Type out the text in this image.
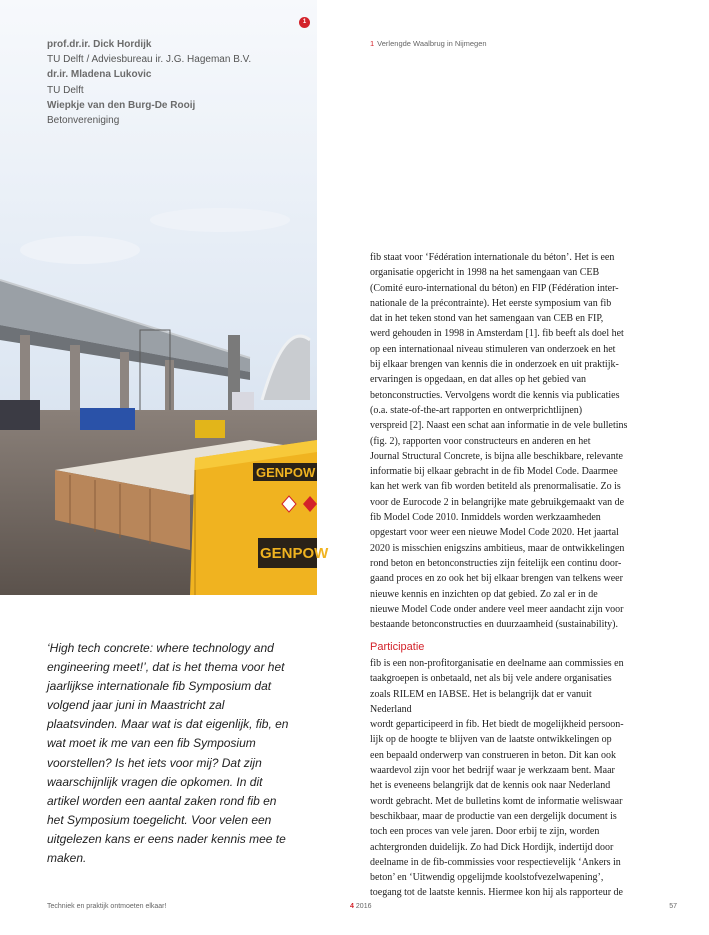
GENPOW
GENPOW
prof.dr.ir. Dick Hordijk
TU Delft / Adviesbureau ir. J.G. Hageman B.V.
dr.ir. Mladena Lukovic
TU Delft
Wiepkje van den Burg-De Rooij
Betonvereniging
1
1 Verlengde Waalbrug in Nijmegen

fib staat voor ‘Fédération internationale du béton’. Het is een

organisatie opgericht in 1998 na het samengaan van CEB

(Comité euro-international du béton) en FIP (Fédération inter-

nationale de la précontrainte). Het eerste symposium van fib

dat in het teken stond van het samengaan van CEB en FIP,

werd gehouden in 1998 in Amsterdam [1]. fib beeft als doel het

op een internationaal niveau stimuleren van onderzoek en het

bij elkaar brengen van kennis die in onderzoek en uit praktijk-

ervaringen is opgedaan, en dat alles op het gebied van

betonconstructies. Vervolgens wordt die kennis via publicaties

(o.a. state-of-the-art rapporten en ontwerprichtlijnen)

verspreid [2]. Naast een schat aan informatie in de vele bulletins

(fig. 2), rapporten voor constructeurs en anderen en het

Journal Structural Concrete, is bijna alle beschikbare, relevante

informatie bij elkaar gebracht in de fib Model Code. Daarmee

kan het werk van fib worden betiteld als prenormalisatie. Zo is

voor de Eurocode 2 in belangrijke mate gebruikgemaakt van de

fib Model Code 2010. Inmiddels worden werkzaamheden

opgestart voor weer een nieuwe Model Code 2020. Het jaartal

2020 is misschien enigszins ambitieus, maar de ontwikkelingen

rond beton en betonconstructies zijn feitelijk een continu door-

gaand proces en zo ook het bij elkaar brengen van telkens weer

nieuwe kennis en inzichten op dat gebied. Zo zal er in de

nieuwe Model Code onder andere veel meer aandacht zijn voor

bestaande betonconstructies en duurzaamheid (sustainability).

‘High tech concrete: where technology and engineering meet!’, dat is het thema voor het jaarlijkse internationale fib Symposium dat volgend jaar juni in Maastricht zal plaatsvinden. Maar wat is dat eigenlijk, fib, en wat moet ik me van een fib Symposium voorstellen? Is het iets voor mij? Dat zijn waarschijnlijk vragen die opkomen. In dit artikel worden een aantal zaken rond fib en het Symposium toegelicht. Voor velen een uitgelezen kans er eens nader kennis mee te maken.
Participatie

fib is een non-profitorganisatie en deelname aan commissies en

taakgroepen is onbetaald, net als bij vele andere organisaties

zoals RILEM en IABSE. Het is belangrijk dat er vanuit Nederland

wordt geparticipeerd in fib. Het biedt de mogelijkheid persoon-

lijk op de hoogte te blijven van de laatste ontwikkelingen op

een bepaald onderwerp van construeren in beton. Dit kan ook

waardevol zijn voor het bedrijf waar je werkzaam bent. Maar

het is eveneens belangrijk dat de kennis ook naar Nederland

wordt gebracht. Met de bulletins komt de informatie weliswaar

beschikbaar, maar de productie van een dergelijk document is

toch een proces van vele jaren. Door erbij te zijn, worden

achtergronden duidelijk. Zo had Dick Hordijk, indertijd door

deelname in de fib-commissies voor respectievelijk ‘Ankers in

beton’ en ‘Uitwendig opgelijmde koolstofvezelwapening’,

toegang tot de laatste kennis. Hiermee kon hij als rapporteur de

Techniek en praktijk ontmoeten elkaar!	4 2016	57
